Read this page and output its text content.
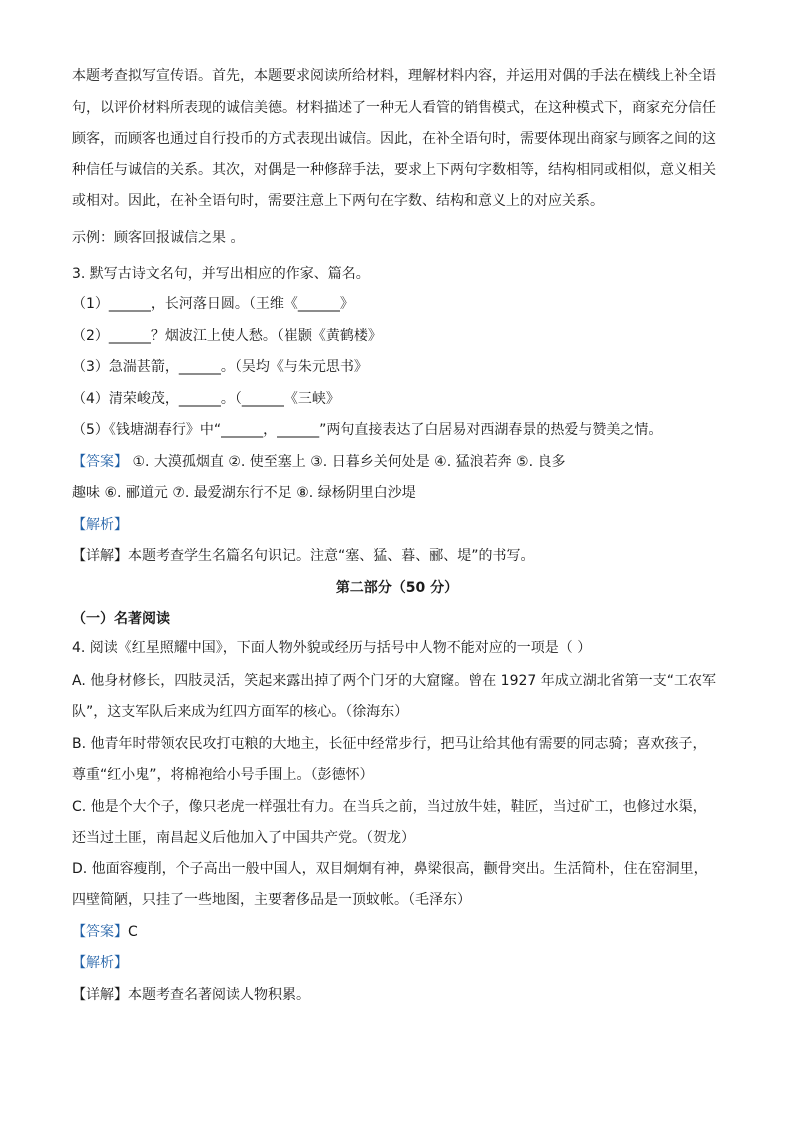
本题考查拟写宣传语。首先，本题要求阅读所给材料，理解材料内容，并运用对偶的手法在横线上补全语
句，以评价材料所表现的诚信美德。材料描述了一种无人看管的销售模式，在这种模式下，商家充分信任
顾客，而顾客也通过自行投币的方式表现出诚信。因此，在补全语句时，需要体现出商家与顾客之间的这
种信任与诚信的关系。其次，对偶是一种修辞手法，要求上下两句字数相等，结构相同或相似，意义相关
或相对。因此，在补全语句时，需要注意上下两句在字数、结构和意义上的对应关系。
示例：顾客回报诚信之果 。
3. 默写古诗文名句，并写出相应的作家、篇名。
（1）______，长河落日圆。（王维《______》
（2）______？烟波江上使人愁。（崔颢《黄鹤楼》
（3）急湍甚箭，______。（吴均《与朱元思书》
（4）清荣峻茂，______。（______《三峡》
（5）《钱塘湖春行》中“______，______”两句直接表达了白居易对西湖春景的热爱与赞美之情。
【答案】 ①. 大漠孤烟直 ②. 使至塞上 ③. 日暮乡关何处是 ④. 猛浪若奔 ⑤. 良多
趣味 ⑥. 郦道元 ⑦. 最爱湖东行不足 ⑧. 绿杨阴里白沙堤
【解析】
【详解】本题考查学生名篇名句识记。注意“塞、猛、暮、郦、堤”的书写。
第二部分（50 分）
（一）名著阅读
4. 阅读《红星照耀中国》，下面人物外貌或经历与括号中人物不能对应的一项是（ ）
A. 他身材修长，四肢灵活，笑起来露出掉了两个门牙的大窟窿。曾在 1927 年成立湖北省第一支“工农军
队”，这支军队后来成为红四方面军的核心。（徐海东）
B. 他青年时带领农民攻打屯粮的大地主，长征中经常步行，把马让给其他有需要的同志骑；喜欢孩子，
尊重“红小鬼”，将棉袍给小号手围上。（彭德怀）
C. 他是个大个子，像只老虎一样强壮有力。在当兵之前，当过放牛娃，鞋匠，当过矿工，也修过水渠，
还当过土匪，南昌起义后他加入了中国共产党。（贺龙）
D. 他面容瘦削，个子高出一般中国人，双目炯炯有神，鼻梁很高，颧骨突出。生活简朴，住在窑洞里，
四壁简陋，只挂了一些地图，主要奢侈品是一顶蚊帐。（毛泽东）
【答案】C
【解析】
【详解】本题考查名著阅读人物积累。
